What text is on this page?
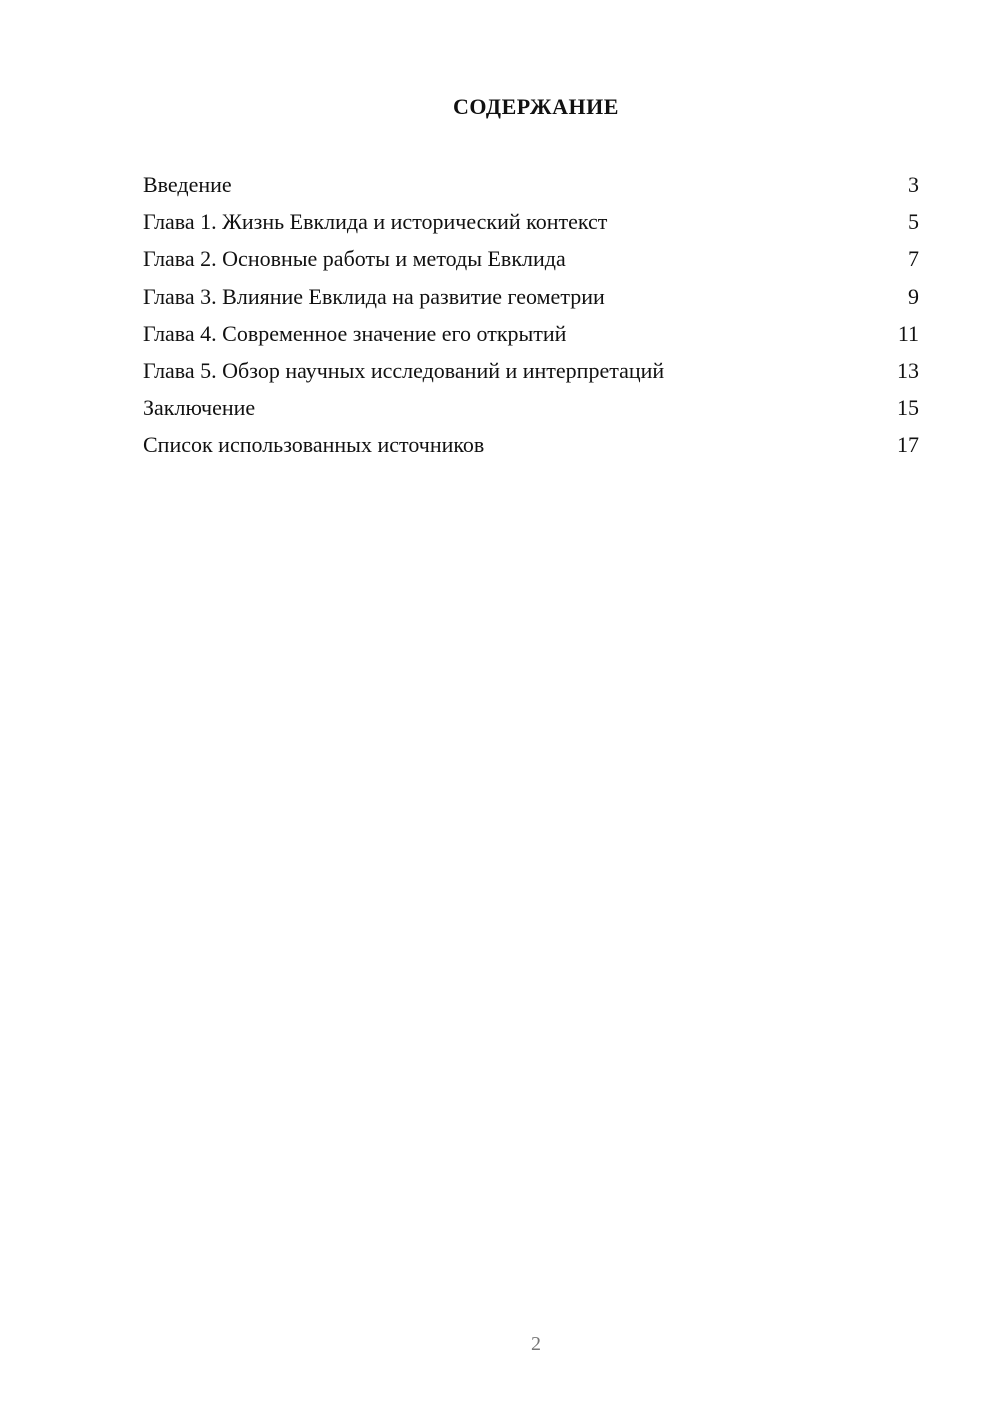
СОДЕРЖАНИЕ
Введение	3
Глава 1. Жизнь Евклида и исторический контекст	5
Глава 2. Основные работы и методы Евклида	7
Глава 3. Влияние Евклида на развитие геометрии	9
Глава 4. Современное значение его открытий	11
Глава 5. Обзор научных исследований и интерпретаций	13
Заключение	15
Список использованных источников	17
2
